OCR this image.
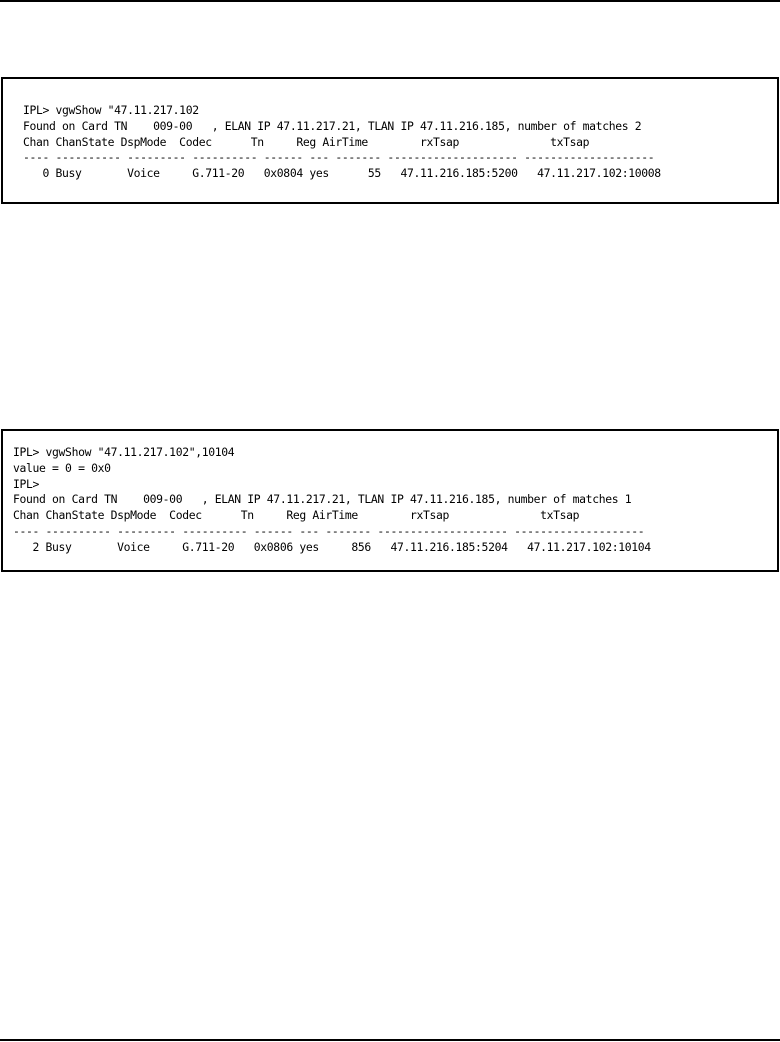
IPL> vgwShow "47.11.217.102
Found on Card TN    009-00   , ELAN IP 47.11.217.21, TLAN IP 47.11.216.185, number of matches 2
Chan ChanState DspMode  Codec      Tn     Reg AirTime        rxTsap              txTsap
---- ---------- --------- ---------- ------ --- ------- -------------------- --------------------
0 Busy       Voice     G.711-20   0x0804 yes      55   47.11.216.185:5200   47.11.217.102:10008
IPL> vgwShow "47.11.217.102",10104
value = 0 = 0x0
IPL>
Found on Card TN    009-00   , ELAN IP 47.11.217.21, TLAN IP 47.11.216.185, number of matches 1
Chan ChanState DspMode  Codec      Tn     Reg AirTime        rxTsap              txTsap
---- ---------- --------- ---------- ------ --- ------- -------------------- --------------------
2 Busy       Voice     G.711-20   0x0806 yes     856   47.11.216.185:5204   47.11.217.102:10104
